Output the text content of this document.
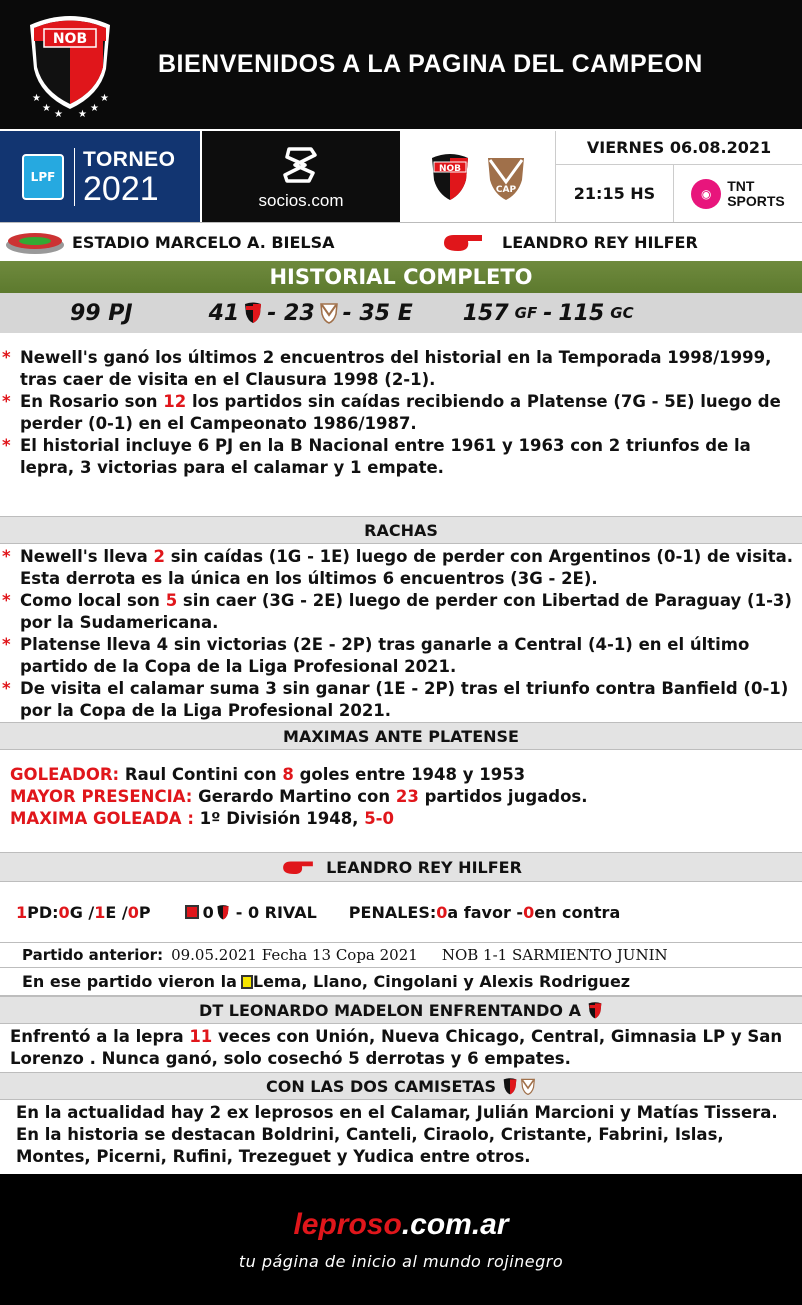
NOB
★
★
★ ★
★
★
BIENVENIDOS A LA PAGINA DEL CAMPEON
LPF
TORNEO
2021	socios.com
NOB
CAP
VIERNES 06.08.2021
21:15 HS	◉	TNT
SPORTS
ESTADIO MARCELO A. BIELSA	LEANDRO REY HILFER
HISTORIAL COMPLETO
99 PJ	41 - 23 - 35 E 157 GF - 115 GC
* Newell's ganó los últimos 2 encuentros del historial en la Temporada 1998/1999, tras caer de visita en el Clausura 1998 (2-1).
* En Rosario son 12 los partidos sin caídas recibiendo a Platense (7G - 5E) luego de perder (0-1) en el Campeonato 1986/1987.
* El historial incluye 6 PJ en la B Nacional entre 1961 y 1963 con 2 triunfos de la lepra, 3 victorias para el calamar y 1 empate.
RACHAS
* Newell's lleva 2 sin caídas (1G - 1E) luego de perder con Argentinos (0-1) de visita. Esta derrota es la única en los últimos 6 encuentros (3G - 2E).
* Como local son 5 sin caer (3G - 2E) luego de perder con Libertad de Paraguay (1-3) por la Sudamericana.
* Platense lleva 4 sin victorias (2E - 2P) tras ganarle a Central (4-1) en el último partido de la Copa de la Liga Profesional 2021.
* De visita el calamar suma 3 sin ganar (1E - 2P) tras el triunfo contra Banfield (0-1) por la Copa de la Liga Profesional 2021.
MAXIMAS ANTE PLATENSE
GOLEADOR: Raul Contini con 8 goles entre 1948 y 1953
MAYOR PRESENCIA: Gerardo Martino con 23 partidos jugados.
MAXIMA GOLEADA : 1º División 1948, 5-0
LEANDRO REY HILFER
1 PD: 0 G / 1 E / 0 P	0 - 0 RIVAL PENALES: 0 a favor - 0 en contra
Partido anterior: 09.05.2021 Fecha 13 Copa 2021 NOB 1-1 SARMIENTO JUNIN
En ese partido vieron la Lema, Llano, Cingolani y Alexis Rodriguez
DT LEONARDO MADELON ENFRENTANDO A
Enfrentó a la lepra 11 veces con Unión, Nueva Chicago, Central, Gimnasia LP y San Lorenzo . Nunca ganó, solo cosechó 5 derrotas y 6 empates.
CON LAS DOS CAMISETAS
En la actualidad hay 2 ex leprosos en el Calamar, Julián Marcioni y Matías Tissera. En la historia se destacan Boldrini, Canteli, Ciraolo, Cristante, Fabrini, Islas, Montes, Picerni, Rufini, Trezeguet y Yudica entre otros.
leproso.com.ar
tu página de inicio al mundo rojinegro
